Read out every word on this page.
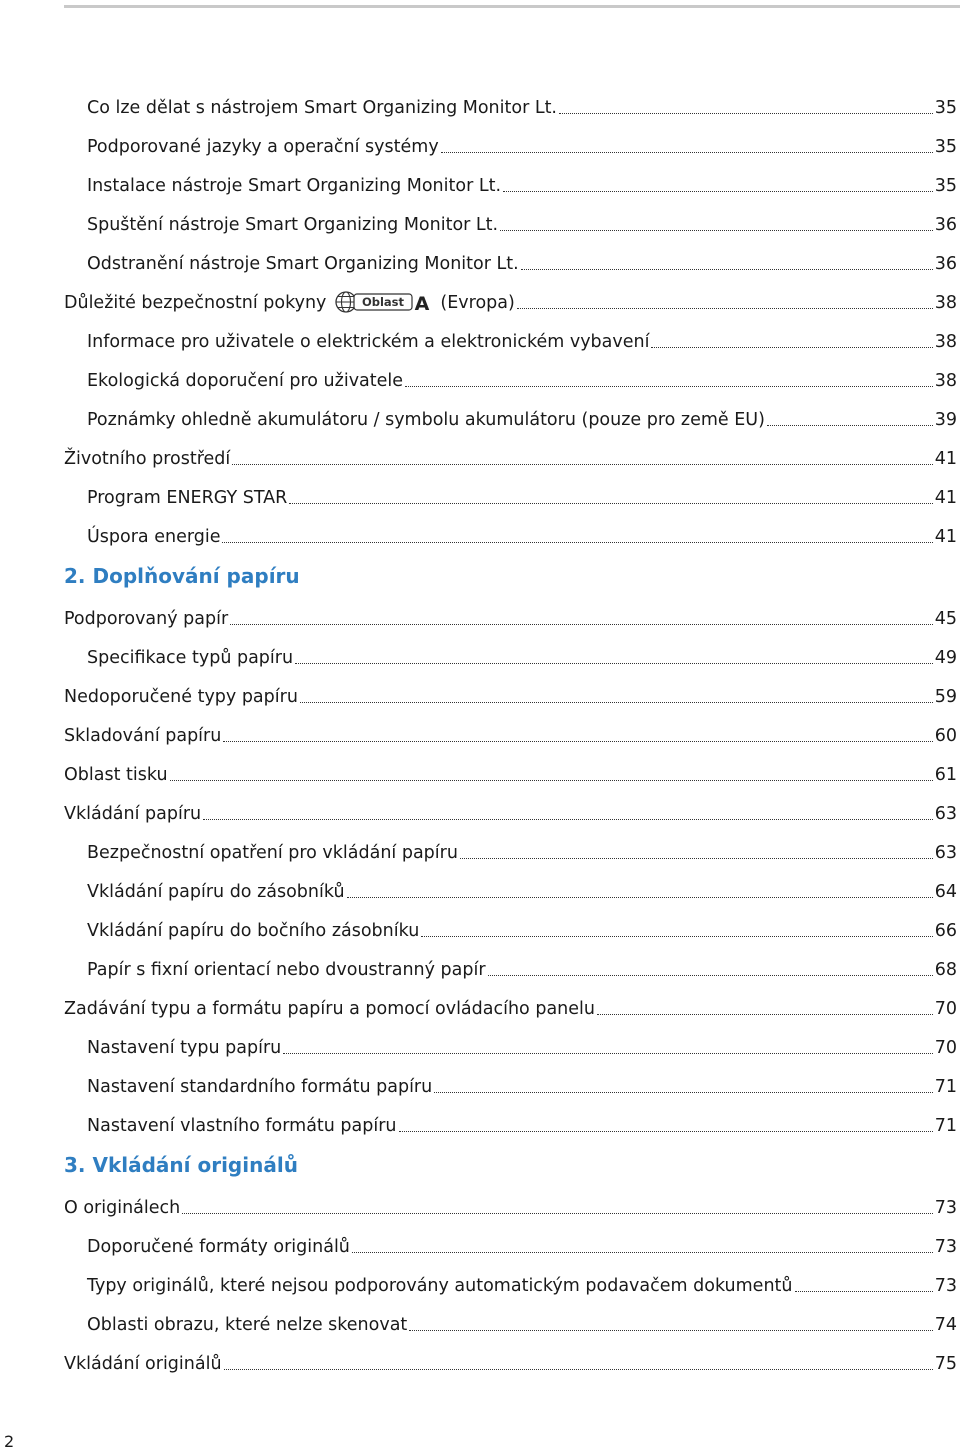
Co lze dělat s nástrojem Smart Organizing Monitor Lt.	35
Podporované jazyky a operační systémy	35
Instalace nástroje Smart Organizing Monitor Lt.	35
Spuštění nástroje Smart Organizing Monitor Lt.	36
Odstranění nástroje Smart Organizing Monitor Lt.	36
Důležité bezpečnostní pokyny	Oblast A (Evropa)	38
Informace pro uživatele o elektrickém a elektronickém vybavení	38
Ekologická doporučení pro uživatele	38
Poznámky ohledně akumulátoru / symbolu akumulátoru (pouze pro země EU)	39
Životního prostředí	41
Program ENERGY STAR	41
Úspora energie	41
2. Doplňování papíru
Podporovaný papír	45
Specifikace typů papíru	49
Nedoporučené typy papíru	59
Skladování papíru	60
Oblast tisku	61
Vkládání papíru	63
Bezpečnostní opatření pro vkládání papíru	63
Vkládání papíru do zásobníků	64
Vkládání papíru do bočního zásobníku	66
Papír s fixní orientací nebo dvoustranný papír	68
Zadávání typu a formátu papíru a pomocí ovládacího panelu	70
Nastavení typu papíru	70
Nastavení standardního formátu papíru	71
Nastavení vlastního formátu papíru	71
3. Vkládání originálů
O originálech	73
Doporučené formáty originálů	73
Typy originálů, které nejsou podporovány automatickým podavačem dokumentů	73
Oblasti obrazu, které nelze skenovat	74
Vkládání originálů	75
2
